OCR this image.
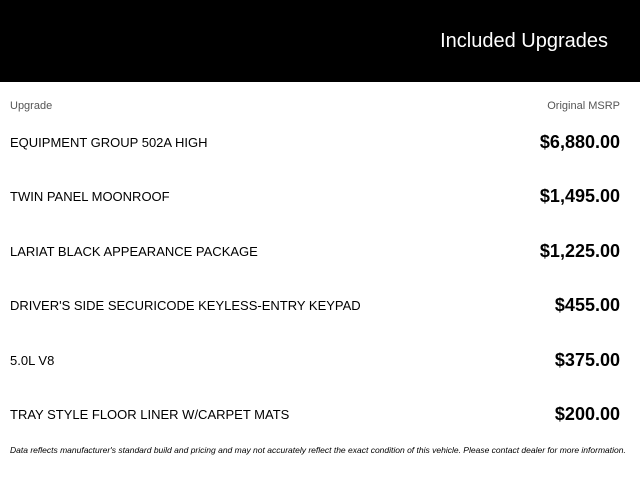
Included Upgrades
Upgrade	Original MSRP
EQUIPMENT GROUP 502A HIGH	$6,880.00
TWIN PANEL MOONROOF	$1,495.00
LARIAT BLACK APPEARANCE PACKAGE	$1,225.00
DRIVER'S SIDE SECURICODE KEYLESS-ENTRY KEYPAD	$455.00
5.0L V8	$375.00
TRAY STYLE FLOOR LINER W/CARPET MATS	$200.00
Data reflects manufacturer's standard build and pricing and may not accurately reflect the exact condition of this vehicle. Please contact dealer for more information.
